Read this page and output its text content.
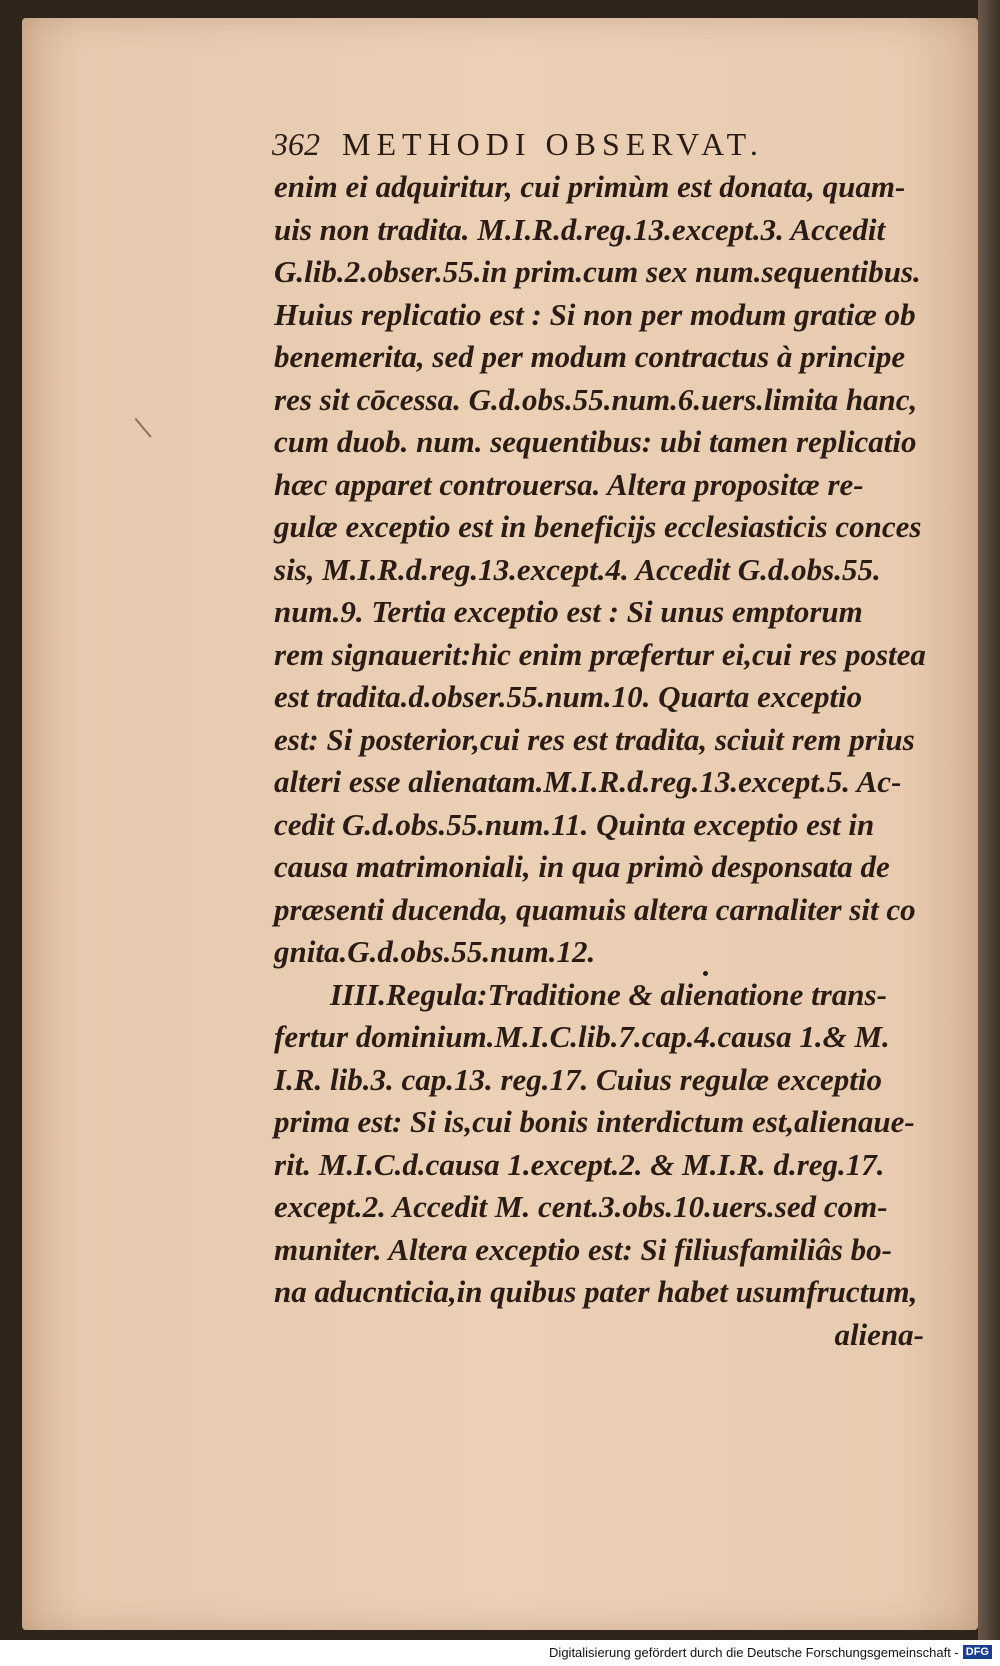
362 METHODI OBSERVAT.
enim ei adquiritur, cui primùm est donata, quam-
uis non tradita. M.I.R.d.reg.13.except.3. Accedit
G.lib.2.obser.55.in prim.cum sex num.sequentibus.
Huius replicatio est : Si non per modum gratiæ ob
benemerita, sed per modum contractus à principe
res sit cōcessa. G.d.obs.55.num.6.uers.limita hanc,
cum duob. num. sequentibus: ubi tamen replicatio
hæc apparet controuersa. Altera propositæ re-
gulæ exceptio est in beneficijs ecclesiasticis conces
sis, M.I.R.d.reg.13.except.4. Accedit G.d.obs.55.
num.9. Tertia exceptio est : Si unus emptorum
rem signauerit:hic enim præfertur ei,cui res postea
est tradita.d.obser.55.num.10. Quarta exceptio
est: Si posterior,cui res est tradita, sciuit rem prius
alteri esse alienatam.M.I.R.d.reg.13.except.5. Ac-
cedit G.d.obs.55.num.11. Quinta exceptio est in
causa matrimoniali, in qua primò desponsata de
præsenti ducenda, quamuis altera carnaliter sit co
gnita.G.d.obs.55.num.12.
IIII.Regula:Traditione & alienatione trans-
fertur dominium.M.I.C.lib.7.cap.4.causa 1.& M.
I.R. lib.3. cap.13. reg.17. Cuius regulæ exceptio
prima est: Si is,cui bonis interdictum est,alienaue-
rit. M.I.C.d.causa 1.except.2. & M.I.R. d.reg.17.
except.2. Accedit M. cent.3.obs.10.uers.sed com-
muniter. Altera exceptio est: Si filiusfamiliâs bo-
na aducnticia,in quibus pater habet usumfructum,
aliena-
Digitalisierung gefördert durch die Deutsche Forschungsgemeinschaft - DFG
